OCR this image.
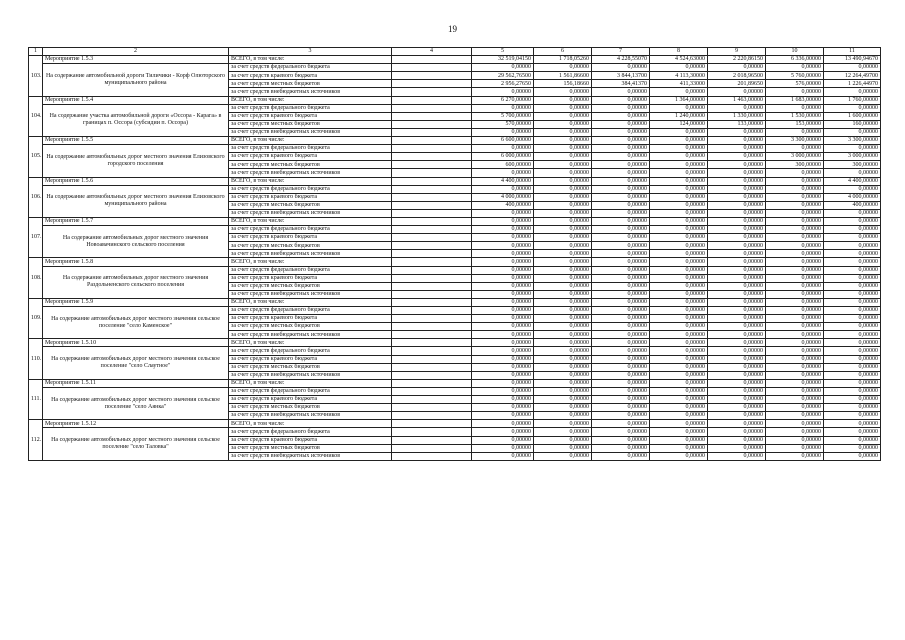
19
1	2	3	4	5	6	7	8	9	10	11
103.	Мероприятие 1.5.3	ВСЕГО, в том числе:		32 519,04150	1 718,05260	4 228,55070	4 524,63000	2 220,86150	6 336,00000	13 490,94670
	На содержание автомобильной дороги Тиличики - Корф Олюторского муниципального района	за счет средств федерального бюджета		0,00000	0,00000	0,00000	0,00000	0,00000	0,00000	0,00000
		за счет средств краевого бюджета		29 562,76500	1 561,86600	3 844,13700	4 113,30000	2 018,96500	5 760,00000	12 264,49700
		за счет средств местных бюджетов		2 956,27650	156,18660	384,41370	411,33000	201,89650	576,00000	1 226,44970
		за счет средств внебюджетных источников		0,00000	0,00000	0,00000	0,00000	0,00000	0,00000	0,00000
104.	Мероприятие 1.5.4	ВСЕГО, в том числе:		6 270,00000	0,00000	0,00000	1 364,00000	1 463,00000	1 683,00000	1 760,00000
	На содержание участка автомобильной дороги «Оссора - Карага» в границах п. Оссора (субсидии п. Оссора)	за счет средств федерального бюджета		0,00000	0,00000	0,00000	0,00000	0,00000	0,00000	0,00000
		за счет средств краевого бюджета		5 700,00000	0,00000	0,00000	1 240,00000	1 330,00000	1 530,00000	1 600,00000
		за счет средств местных бюджетов		570,00000	0,00000	0,00000	124,00000	133,00000	153,00000	160,00000
		за счет средств внебюджетных источников		0,00000	0,00000	0,00000	0,00000	0,00000	0,00000	0,00000
105.	Мероприятие 1.5.5	ВСЕГО, в том числе:		6 600,00000	0,00000	0,00000	0,00000	0,00000	3 300,00000	3 300,00000
	На содержание автомобильных дорог местного значения Елизовского городского поселения	за счет средств федерального бюджета		0,00000	0,00000	0,00000	0,00000	0,00000	0,00000	0,00000
		за счет средств краевого бюджета		6 000,00000	0,00000	0,00000	0,00000	0,00000	3 000,00000	3 000,00000
		за счет средств местных бюджетов		600,00000	0,00000	0,00000	0,00000	0,00000	300,00000	300,00000
		за счет средств внебюджетных источников		0,00000	0,00000	0,00000	0,00000	0,00000	0,00000	0,00000
106.	Мероприятие 1.5.6	ВСЕГО, в том числе:		4 400,00000	0,00000	0,00000	0,00000	0,00000	0,00000	4 400,00000
	На содержание автомобильных дорог местного значения Елизовского муниципального района	за счет средств федерального бюджета		0,00000	0,00000	0,00000	0,00000	0,00000	0,00000	0,00000
		за счет средств краевого бюджета		4 000,00000	0,00000	0,00000	0,00000	0,00000	0,00000	4 000,00000
		за счет средств местных бюджетов		400,00000	0,00000	0,00000	0,00000	0,00000	0,00000	400,00000
		за счет средств внебюджетных источников		0,00000	0,00000	0,00000	0,00000	0,00000	0,00000	0,00000
107.	Мероприятие 1.5.7	ВСЕГО, в том числе:		0,00000	0,00000	0,00000	0,00000	0,00000	0,00000	0,00000
	На содержание автомобильных дорог местного значения Новоавачинского сельского поселения	за счет средств федерального бюджета		0,00000	0,00000	0,00000	0,00000	0,00000	0,00000	0,00000
		за счет средств краевого бюджета		0,00000	0,00000	0,00000	0,00000	0,00000	0,00000	0,00000
		за счет средств местных бюджетов		0,00000	0,00000	0,00000	0,00000	0,00000	0,00000	0,00000
		за счет средств внебюджетных источников		0,00000	0,00000	0,00000	0,00000	0,00000	0,00000	0,00000
108.	Мероприятие 1.5.8	ВСЕГО, в том числе:		0,00000	0,00000	0,00000	0,00000	0,00000	0,00000	0,00000
	На содержание автомобильных дорог местного значения Раздольненского сельского поселения	за счет средств федерального бюджета		0,00000	0,00000	0,00000	0,00000	0,00000	0,00000	0,00000
		за счет средств краевого бюджета		0,00000	0,00000	0,00000	0,00000	0,00000	0,00000	0,00000
		за счет средств местных бюджетов		0,00000	0,00000	0,00000	0,00000	0,00000	0,00000	0,00000
		за счет средств внебюджетных источников		0,00000	0,00000	0,00000	0,00000	0,00000	0,00000	0,00000
109.	Мероприятие 1.5.9	ВСЕГО, в том числе:		0,00000	0,00000	0,00000	0,00000	0,00000	0,00000	0,00000
	На содержание автомобильных дорог местного значения сельское поселение "село Каменское"	за счет средств федерального бюджета		0,00000	0,00000	0,00000	0,00000	0,00000	0,00000	0,00000
		за счет средств краевого бюджета		0,00000	0,00000	0,00000	0,00000	0,00000	0,00000	0,00000
		за счет средств местных бюджетов		0,00000	0,00000	0,00000	0,00000	0,00000	0,00000	0,00000
		за счет средств внебюджетных источников		0,00000	0,00000	0,00000	0,00000	0,00000	0,00000	0,00000
110.	Мероприятие 1.5.10	ВСЕГО, в том числе:		0,00000	0,00000	0,00000	0,00000	0,00000	0,00000	0,00000
	На содержание автомобильных дорог местного значения сельское поселение "село Слаутное"	за счет средств федерального бюджета		0,00000	0,00000	0,00000	0,00000	0,00000	0,00000	0,00000
		за счет средств краевого бюджета		0,00000	0,00000	0,00000	0,00000	0,00000	0,00000	0,00000
		за счет средств местных бюджетов		0,00000	0,00000	0,00000	0,00000	0,00000	0,00000	0,00000
		за счет средств внебюджетных источников		0,00000	0,00000	0,00000	0,00000	0,00000	0,00000	0,00000
111.	Мероприятие 1.5.11	ВСЕГО, в том числе:		0,00000	0,00000	0,00000	0,00000	0,00000	0,00000	0,00000
	На содержание автомобильных дорог местного значения сельское поселение "село Аянка"	за счет средств федерального бюджета		0,00000	0,00000	0,00000	0,00000	0,00000	0,00000	0,00000
		за счет средств краевого бюджета		0,00000	0,00000	0,00000	0,00000	0,00000	0,00000	0,00000
		за счет средств местных бюджетов		0,00000	0,00000	0,00000	0,00000	0,00000	0,00000	0,00000
		за счет средств внебюджетных источников		0,00000	0,00000	0,00000	0,00000	0,00000	0,00000	0,00000
112.	Мероприятие 1.5.12	ВСЕГО, в том числе:		0,00000	0,00000	0,00000	0,00000	0,00000	0,00000	0,00000
	На содержание автомобильных дорог местного значения сельское поселение "село Таловка"	за счет средств федерального бюджета		0,00000	0,00000	0,00000	0,00000	0,00000	0,00000	0,00000
		за счет средств краевого бюджета		0,00000	0,00000	0,00000	0,00000	0,00000	0,00000	0,00000
		за счет средств местных бюджетов		0,00000	0,00000	0,00000	0,00000	0,00000	0,00000	0,00000
		за счет средств внебюджетных источников		0,00000	0,00000	0,00000	0,00000	0,00000	0,00000	0,00000
